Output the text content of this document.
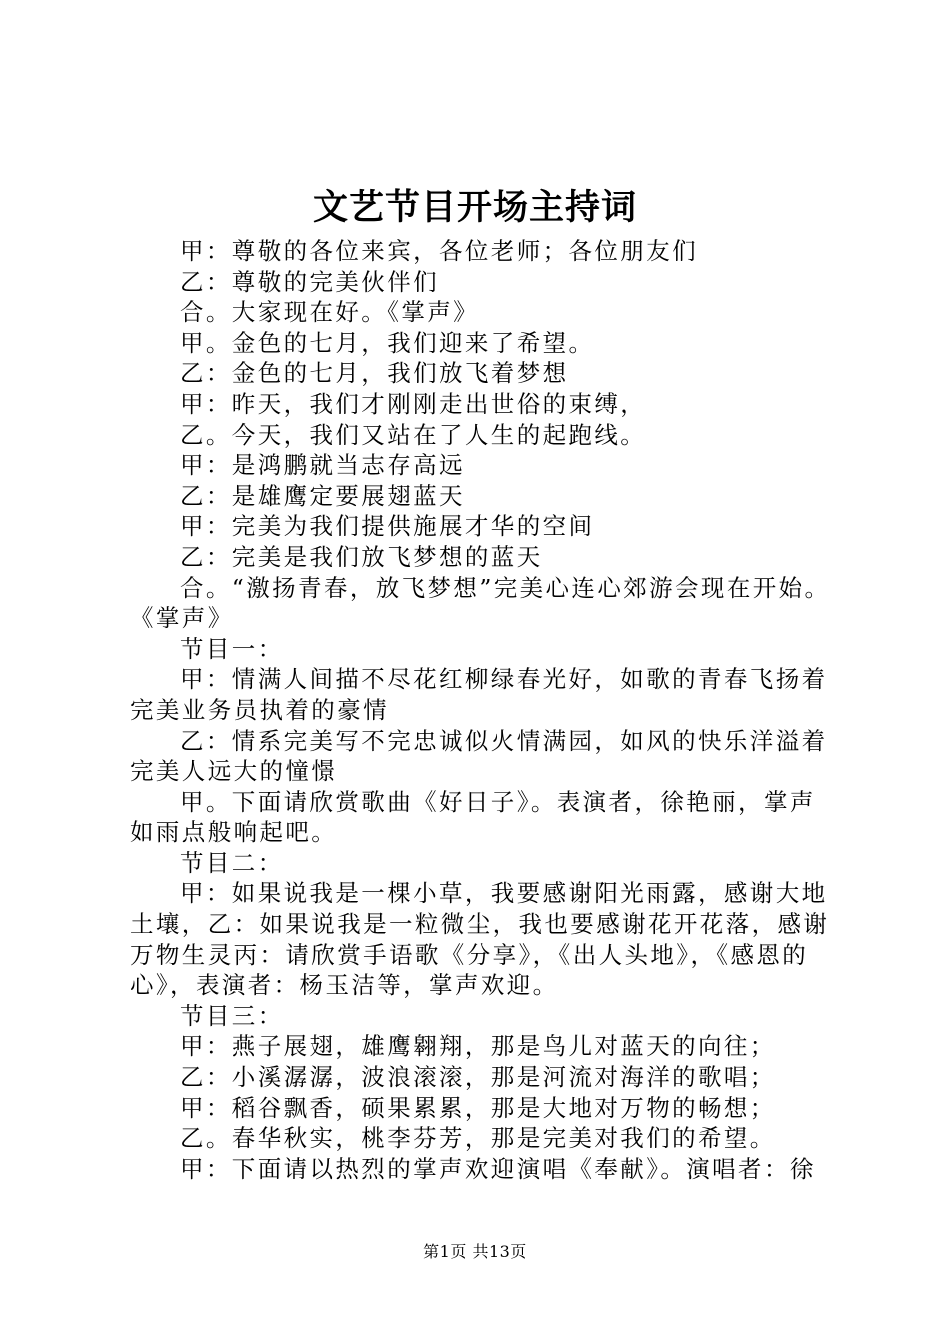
文艺节目开场主持词

甲：尊敬的各位来宾，各位老师；各位朋友们

乙：尊敬的完美伙伴们

合。大家现在好。《掌声》

甲。金色的七月，我们迎来了希望。

乙：金色的七月，我们放飞着梦想

甲：昨天，我们才刚刚走出世俗的束缚，

乙。今天，我们又站在了人生的起跑线。

甲：是鸿鹏就当志存高远

乙：是雄鹰定要展翅蓝天

甲：完美为我们提供施展才华的空间

乙：完美是我们放飞梦想的蓝天

合。“激扬青春，放飞梦想”完美心连心郊游会现在开始。《掌声》

节目一：

甲：情满人间描不尽花红柳绿春光好，如歌的青春飞扬着完美业务员执着的豪情

乙：情系完美写不完忠诚似火情满园，如风的快乐洋溢着完美人远大的憧憬

甲。下面请欣赏歌曲《好日子》。表演者，徐艳丽，掌声如雨点般响起吧。

节目二：

甲：如果说我是一棵小草，我要感谢阳光雨露，感谢大地土壤，乙：如果说我是一粒微尘，我也要感谢花开花落，感谢万物生灵丙：请欣赏手语歌《分享》，《出人头地》，《感恩的心》，表演者：杨玉洁等，掌声欢迎。

节目三：

甲：燕子展翅，雄鹰翱翔，那是鸟儿对蓝天的向往；

乙：小溪潺潺，波浪滚滚，那是河流对海洋的歌唱；

甲：稻谷飘香，硕果累累，那是大地对万物的畅想；

乙。春华秋实，桃李芬芳，那是完美对我们的希望。

甲：下面请以热烈的掌声欢迎演唱《奉献》。演唱者：徐

第1页 共13页
